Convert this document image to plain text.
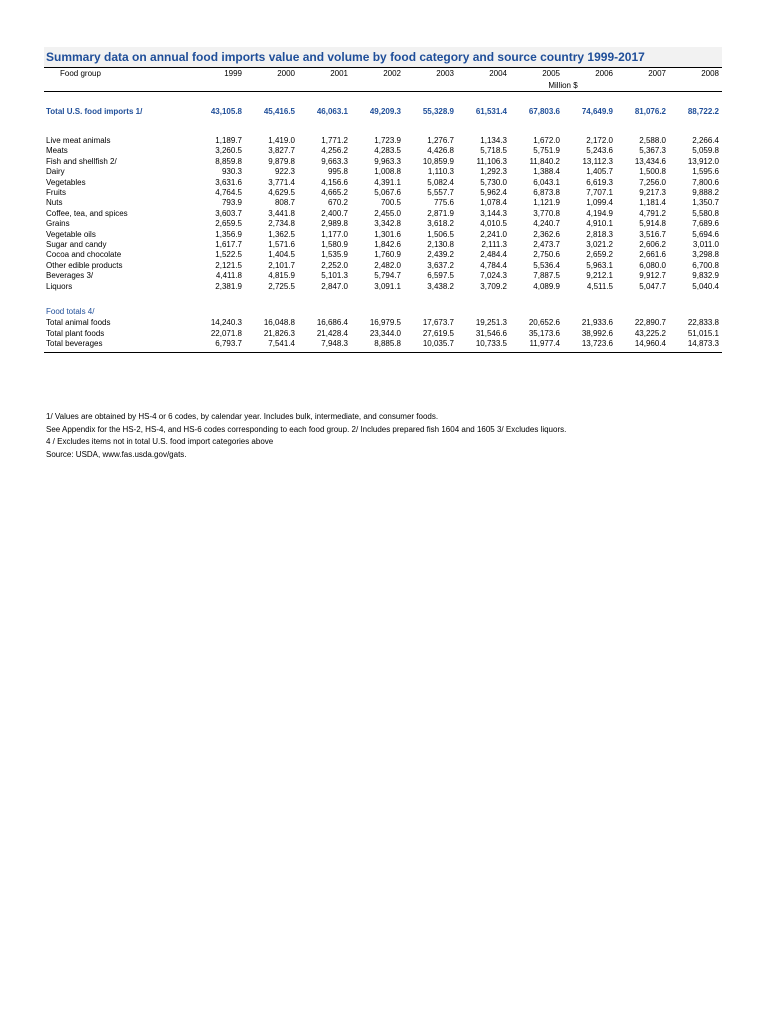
Summary data on annual food imports value and volume by food category and source country 1999-2017
Food group	1999	2000	2001	2002	2003	2004	2005	2006	2007	2008
							Million $			

Total U.S. food imports 1/	43,105.8	45,416.5	46,063.1	49,209.3	55,328.9	61,531.4	67,803.6	74,649.9	81,076.2	88,722.2

Live meat animals	1,189.7	1,419.0	1,771.2	1,723.9	1,276.7	1,134.3	1,672.0	2,172.0	2,588.0	2,266.4
Meats	3,260.5	3,827.7	4,256.2	4,283.5	4,426.8	5,718.5	5,751.9	5,243.6	5,367.3	5,059.8
Fish and shellfish 2/	8,859.8	9,879.8	9,663.3	9,963.3	10,859.9	11,106.3	11,840.2	13,112.3	13,434.6	13,912.0
Dairy	930.3	922.3	995.8	1,008.8	1,110.3	1,292.3	1,388.4	1,405.7	1,500.8	1,595.6
Vegetables	3,631.6	3,771.4	4,156.6	4,391.1	5,082.4	5,730.0	6,043.1	6,619.3	7,256.0	7,800.6
Fruits	4,764.5	4,629.5	4,665.2	5,067.6	5,557.7	5,962.4	6,873.8	7,707.1	9,217.3	9,888.2
Nuts	793.9	808.7	670.2	700.5	775.6	1,078.4	1,121.9	1,099.4	1,181.4	1,350.7
Coffee, tea, and spices	3,603.7	3,441.8	2,400.7	2,455.0	2,871.9	3,144.3	3,770.8	4,194.9	4,791.2	5,580.8
Grains	2,659.5	2,734.8	2,989.8	3,342.8	3,618.2	4,010.5	4,240.7	4,910.1	5,914.8	7,689.6
Vegetable oils	1,356.9	1,362.5	1,177.0	1,301.6	1,506.5	2,241.0	2,362.6	2,818.3	3,516.7	5,694.6
Sugar and candy	1,617.7	1,571.6	1,580.9	1,842.6	2,130.8	2,111.3	2,473.7	3,021.2	2,606.2	3,011.0
Cocoa and chocolate	1,522.5	1,404.5	1,535.9	1,760.9	2,439.2	2,484.4	2,750.6	2,659.2	2,661.6	3,298.8
Other edible products	2,121.5	2,101.7	2,252.0	2,482.0	3,637.2	4,784.4	5,536.4	5,963.1	6,080.0	6,700.8
Beverages 3/	4,411.8	4,815.9	5,101.3	5,794.7	6,597.5	7,024.3	7,887.5	9,212.1	9,912.7	9,832.9
Liquors	2,381.9	2,725.5	2,847.0	3,091.1	3,438.2	3,709.2	4,089.9	4,511.5	5,047.7	5,040.4

Food totals 4/										
Total animal foods	14,240.3	16,048.8	16,686.4	16,979.5	17,673.7	19,251.3	20,652.6	21,933.6	22,890.7	22,833.8
Total plant foods	22,071.8	21,826.3	21,428.4	23,344.0	27,619.5	31,546.6	35,173.6	38,992.6	43,225.2	51,015.1
Total beverages	6,793.7	7,541.4	7,948.3	8,885.8	10,035.7	10,733.5	11,977.4	13,723.6	14,960.4	14,873.3

1/ Values are obtained by HS-4 or 6 codes, by calendar year. Includes bulk, intermediate, and consumer foods.
See Appendix for the HS-2, HS-4, and HS-6 codes corresponding to each food group. 2/ Includes prepared fish 1604 and 1605 3/ Excludes liquors.
4 / Excludes items not in total U.S. food import categories above
Source: USDA, www.fas.usda.gov/gats.
